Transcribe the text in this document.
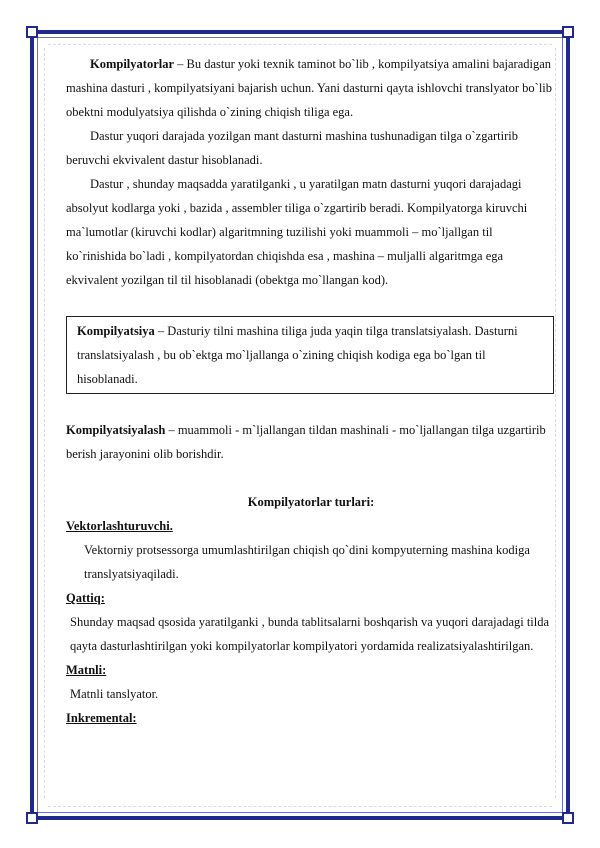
Kompilyatorlar – Bu dastur yoki texnik taminot bo`lib , kompilyatsiya amalini bajaradigan mashina dasturi , kompilyatsiyani bajarish uchun. Yani dasturni qayta ishlovchi translyator bo`lib obektni modulyatsiya qilishda o`zining chiqish tiliga ega.

Dastur yuqori darajada yozilgan mant dasturni mashina tushunadigan tilga o`zgartirib beruvchi ekvivalent dastur hisoblanadi.

Dastur , shunday maqsadda yaratilganki , u yaratilgan matn dasturni yuqori darajadagi absolyut kodlarga yoki , bazida , assembler tiliga o`zgartirib beradi. Kompilyatorga kiruvchi ma`lumotlar (kiruvchi kodlar) algaritmning tuzilishi yoki muammoli – mo`ljallgan til ko`rinishida bo`ladi , kompilyatordan chiqishda esa , mashina – muljalli algaritmga ega ekvivalent yozilgan til til hisoblanadi (obektga mo`llangan kod).

Kompilyatsiya – Dasturiy tilni mashina tiliga juda yaqin tilga translatsiyalash. Dasturni translatsiyalash , bu ob`ektga mo`ljallanga o`zining chiqish kodiga ega bo`lgan til hisoblanadi.

Kompilyatsiyalash – muammoli - m`ljallangan tildan mashinali - mo`ljallangan tilga uzgartirib berish jarayonini olib borishdir.

Kompilyatorlar turlari:

Vektorlashturuvchi.

Vektorniy protsessorga umumlashtirilgan chiqish qo`dini kompyuterning mashina kodiga translyatsiyaqiladi.

Qattiq:

Shunday maqsad qsosida yaratilganki , bunda tablitsalarni boshqarish va yuqori darajadagi tilda qayta dasturlashtirilgan yoki kompilyatorlar kompilyatori yordamida realizatsiyalashtirilgan.

Matnli:

Matnli tanslyator.

Inkremental:
